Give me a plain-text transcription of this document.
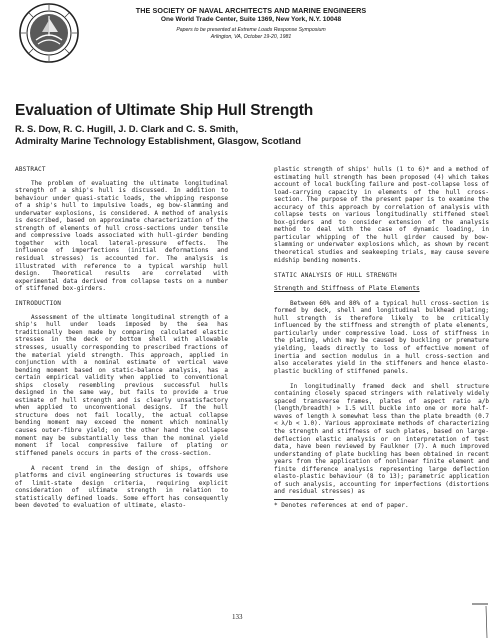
THE SOCIETY OF NAVAL ARCHITECTS AND MARINE ENGINEERS
One World Trade Center, Suite 1369, New York, N.Y. 10048
Papers to be presented at Extreme Loads Response Symposium
Arlington, VA, October 19-20, 1981
Evaluation of Ultimate Ship Hull Strength
R. S. Dow, R. C. Hugill, J. D. Clark and C. S. Smith,
Admiralty Marine Technology Establishment, Glasgow, Scotland
ABSTRACT

The problem of evaluating the ultimate longitudinal strength of a ship's hull is discussed. In addition to behaviour under quasi-static loads, the whipping response of a ship's hull to impulsive loads, eg bow-slamming and underwater explosions, is considered. A method of analysis is described, based on approximate characterization of the strength of elements of hull cross-sections under tensile and compressive loads associated with hull-girder bending together with local lateral-pressure effects. The influence of imperfections (initial deformations and residual stresses) is accounted for. The analysis is illustrated with reference to a typical warship hull design. Theoretical results are correlated with experimental data derived from collapse tests on a number of stiffened box-girders.

INTRODUCTION

Assessment of the ultimate longitudinal strength of a ship's hull under loads imposed by the sea has traditionally been made by comparing calculated elastic stresses in the deck or bottom shell with allowable stresses, usually corresponding to prescribed fractions of the material yield strength. This approach, applied in conjunction with a nominal estimate of vertical wave bending moment based on static-balance analysis, has a certain empirical validity when applied to conventional ships closely resembling previous successful hulls designed in the same way, but fails to provide a true estimate of hull strength and is clearly unsatisfactory when applied to unconventional designs. If the hull structure does not fail locally, the actual collapse bending moment may exceed the moment which nominally causes outer-fibre yield; on the other hand the collapse moment may be substantially less than the nominal yield moment if local compressive failure of plating or stiffened panels occurs in parts of the cross-section.

A recent trend in the design of ships, offshore platforms and civil engineering structures is towards use of limit-state design criteria, requiring explicit consideration of ultimate strength in relation to statistically defined loads. Some effort has consequently been devoted to evaluation of ultimate, elasto-

plastic strength of ships' hulls (1 to 6)* and a method of estimating hull strength has been proposed (4) which takes account of local buckling failure and post-collapse loss of load-carrying capacity in elements of the hull cross-section. The purpose of the present paper is to examine the accuracy of this approach by correlation of analysis with collapse tests on various longitudinally stiffened steel box-girders and to consider extension of the analysis method to deal with the case of dynamic loading, in particular whipping of the hull girder caused by bow-slamming or underwater explosions which, as shown by recent theoretical studies and seakeeping trials, may cause severe midship bending moments.

STATIC ANALYSIS OF HULL STRENGTH
Strength and Stiffness of Plate Elements

Between 60% and 80% of a typical hull cross-section is formed by deck, shell and longitudinal bulkhead plating; hull strength is therefore likely to be critically influenced by the stiffness and strength of plate elements, particularly under compressive load. Loss of stiffness in the plating, which may be caused by buckling or premature yielding, leads directly to loss of effective moment of inertia and section modulus in a hull cross-section and also accelerates yield in the stiffeners and hence elasto-plastic buckling of stiffened panels.

In longitudinally framed deck and shell structure containing closely spaced stringers with relatively widely spaced transverse frames, plates of aspect ratio a/b (length/breadth) > 1.5 will buckle into one or more half-waves of length λ somewhat less than the plate breadth (0.7 < λ/b < 1.0). Various approximate methods of characterizing the strength and stiffness of such plates, based on large-deflection elastic analysis or on interpretation of test data, have been reviewed by Faulkner (7). A much improved understanding of plate buckling has been obtained in recent years from the application of nonlinear finite element and finite difference analysis representing large deflection elasto-plastic behaviour (8 to 13); parametric application of such analysis, accounting for imperfections (distortions and residual stresses) as

* Denotes references at end of paper.
133
